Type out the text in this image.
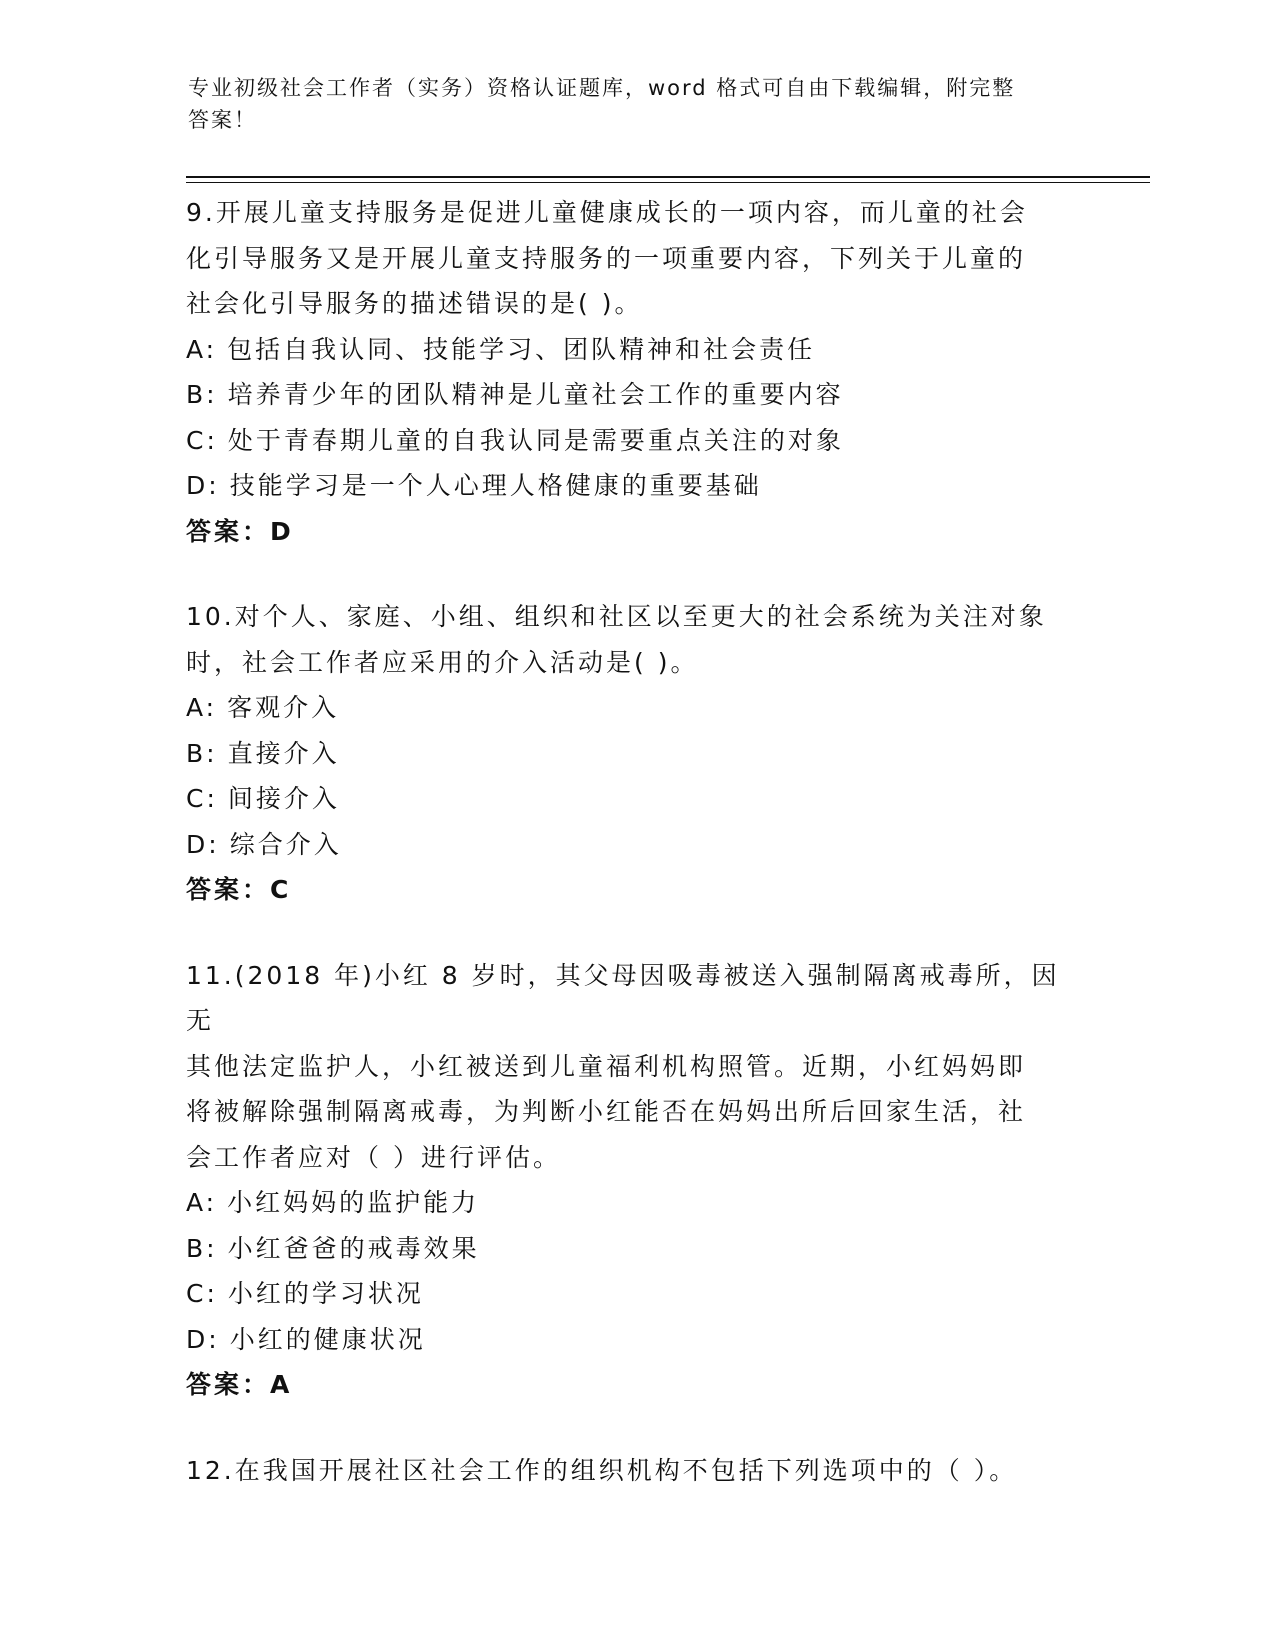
专业初级社会工作者（实务）资格认证题库，word 格式可自由下载编辑，附完整
答案！
9.开展儿童支持服务是促进儿童健康成长的一项内容，而儿童的社会
化引导服务又是开展儿童支持服务的一项重要内容，下列关于儿童的
社会化引导服务的描述错误的是( )。
A: 包括自我认同、技能学习、团队精神和社会责任
B: 培养青少年的团队精神是儿童社会工作的重要内容
C: 处于青春期儿童的自我认同是需要重点关注的对象
D: 技能学习是一个人心理人格健康的重要基础
答案：D
10.对个人、家庭、小组、组织和社区以至更大的社会系统为关注对象
时，社会工作者应采用的介入活动是( )。
A: 客观介入
B: 直接介入
C: 间接介入
D: 综合介入
答案：C
11.(2018 年)小红 8 岁时，其父母因吸毒被送入强制隔离戒毒所，因无
其他法定监护人，小红被送到儿童福利机构照管。近期，小红妈妈即
将被解除强制隔离戒毒，为判断小红能否在妈妈出所后回家生活，社
会工作者应对（ ）进行评估。
A: 小红妈妈的监护能力
B: 小红爸爸的戒毒效果
C: 小红的学习状况
D: 小红的健康状况
答案：A
12.在我国开展社区社会工作的组织机构不包括下列选项中的（ ）。
